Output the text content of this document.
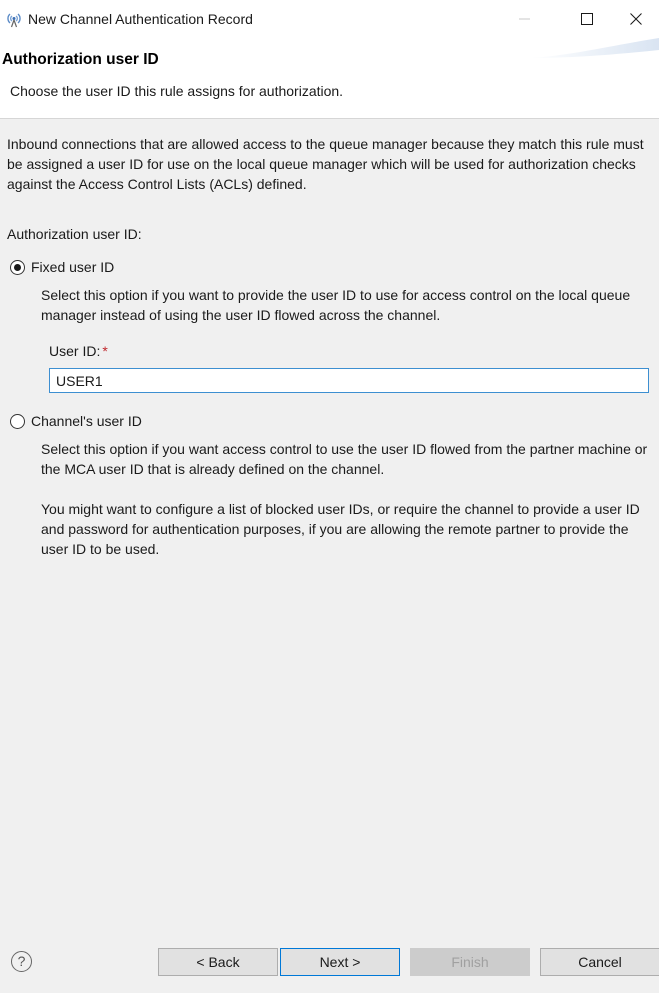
New Channel Authentication Record
Authorization user ID
Choose the user ID this rule assigns for authorization.
Inbound connections that are allowed access to the queue manager because they match this rule must be assigned a user ID for use on the local queue manager which will be used for authorization checks against the Access Control Lists (ACLs) defined.
Authorization user ID:
Fixed user ID
Select this option if you want to provide the user ID to use for access control on the local queue manager instead of using the user ID flowed across the channel.
User ID: *
USER1
Channel's user ID
Select this option if you want access control to use the user ID flowed from the partner machine or the MCA user ID that is already defined on the channel.
You might want to configure a list of blocked user IDs, or require the channel to provide a user ID and password for authentication purposes, if you are allowing the remote partner to provide the user ID to be used.
?	< Back	Next >	Finish	Cancel
